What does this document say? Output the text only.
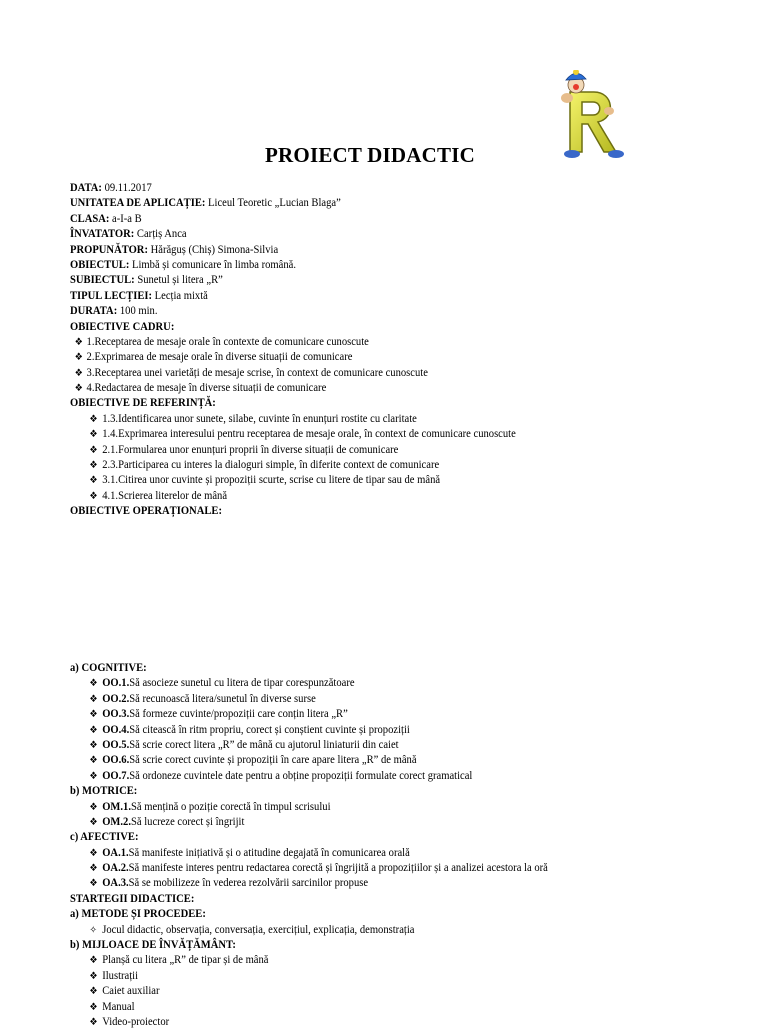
PROIECT DIDACTIC
DATA: 09.11.2017
UNITATEA DE APLICAȚIE: Liceul Teoretic „Lucian Blaga”
CLASA: a-I-a B
ÎNVATATOR: Carțiș Anca
PROPUNĂTOR: Hărăguș (Chiș) Simona-Silvia
OBIECTUL: Limbă și comunicare în limba română.
SUBIECTUL: Sunetul și litera „R”
TIPUL LECȚIEI: Lecția mixtă
DURATA: 100 min.
OBIECTIVE CADRU:
❖ 1.Receptarea de mesaje orale în contexte de comunicare cunoscute
❖ 2.Exprimarea de mesaje orale în diverse situații de comunicare
❖ 3.Receptarea unei varietăți de mesaje scrise, în context de comunicare cunoscute
❖ 4.Redactarea de mesaje în diverse situații de comunicare
OBIECTIVE DE REFERINȚĂ:
❖ 1.3.Identificarea unor sunete, silabe, cuvinte în enunțuri rostite cu claritate
❖ 1.4.Exprimarea interesului pentru receptarea de mesaje orale, în context de comunicare cunoscute
❖ 2.1.Formularea unor enunțuri proprii în diverse situații de comunicare
❖ 2.3.Participarea cu interes la dialoguri simple, în diferite context de comunicare
❖ 3.1.Citirea unor cuvinte și propoziții scurte, scrise cu litere de tipar sau de mână
❖ 4.1.Scrierea literelor de mână
OBIECTIVE OPERAȚIONALE:
a) COGNITIVE:
❖ OO.1.Să asocieze sunetul cu litera de tipar corespunzătoare
❖ OO.2.Să recunoască litera/sunetul în diverse surse
❖ OO.3.Să formeze cuvinte/propoziții care conțin litera „R”
❖ OO.4.Să citească în ritm propriu, corect și conștient cuvinte și propoziții
❖ OO.5.Să scrie corect litera „R” de mână cu ajutorul liniaturii din caiet
❖ OO.6.Să scrie corect cuvinte și propoziții în care apare litera „R” de mână
❖ OO.7.Să ordoneze cuvintele date pentru a obține propoziții formulate corect gramatical
b) MOTRICE:
❖ OM.1.Să mențină o poziție corectă în timpul scrisului
❖ OM.2.Să lucreze corect și îngrijit
c) AFECTIVE:
❖ OA.1.Să manifeste inițiativă și o atitudine degajată în comunicarea orală
❖ OA.2.Să manifeste interes pentru redactarea corectă și îngrijită a propozițiilor și a analizei acestora la oră
❖ OA.3.Să se mobilizeze în vederea rezolvării sarcinilor propuse
STARTEGII DIDACTICE:
a) METODE ȘI PROCEDEE:
✧ Jocul didactic, observația, conversația, exercițiul, explicația, demonstrația
b) MIJLOACE DE ÎNVĂȚĂMÂNT:
❖ Planșă cu litera „R” de tipar și de mână
❖ Ilustrații
❖ Caiet auxiliar
❖ Manual
❖ Video-proiector
